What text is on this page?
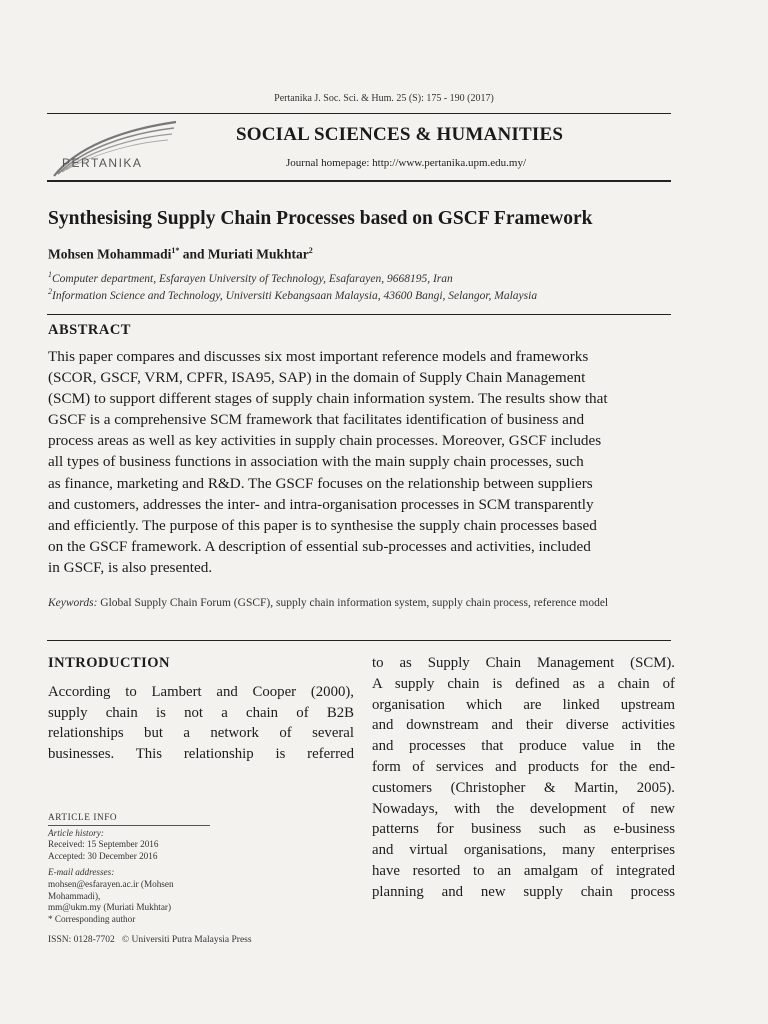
Pertanika J. Soc. Sci. & Hum. 25 (S): 175 - 190 (2017)
PERTANIKA
SOCIAL SCIENCES & HUMANITIES
Journal homepage: http://www.pertanika.upm.edu.my/
Synthesising Supply Chain Processes based on GSCF Framework
Mohsen Mohammadi$^{1*}$ and Muriati Mukhtar$^2$
$^1$Computer department, Esfarayen University of Technology, Esafarayen, 9668195, Iran
$^2$Information Science and Technology, Universiti Kebangsaan Malaysia, 43600 Bangi, Selangor, Malaysia
ABSTRACT
This paper compares and discusses six most important reference models and frameworks
(SCOR, GSCF, VRM, CPFR, ISA95, SAP) in the domain of Supply Chain Management
(SCM) to support different stages of supply chain information system. The results show that
GSCF is a comprehensive SCM framework that facilitates identification of business and
process areas as well as key activities in supply chain processes. Moreover, GSCF includes
all types of business functions in association with the main supply chain processes, such
as finance, marketing and R&D. The GSCF focuses on the relationship between suppliers
and customers, addresses the inter- and intra-organisation processes in SCM transparently
and efficiently. The purpose of this paper is to synthesise the supply chain processes based
on the GSCF framework. A description of essential sub-processes and activities, included
in GSCF, is also presented.
Keywords: Global Supply Chain Forum (GSCF), supply chain information system, supply chain process, reference model
INTRODUCTION
According to Lambert and Cooper (2000),
supply chain is not a chain of B2B
relationships but a network of several
businesses. This relationship is referred
to as Supply Chain Management (SCM).
A supply chain is defined as a chain of
organisation which are linked upstream
and downstream and their diverse activities
and processes that produce value in the
form of services and products for the end-
customers (Christopher & Martin, 2005).
Nowadays, with the development of new
patterns for business such as e-business
and virtual organisations, many enterprises
have resorted to an amalgam of integrated
planning and new supply chain process
ARTICLE INFO
Article history:
Received: 15 September 2016
Accepted: 30 December 2016
E-mail addresses:
mohsen@esfarayen.ac.ir (Mohsen Mohammadi),
mm@ukm.my (Muriati Mukhtar)
* Corresponding author
ISSN: 0128-7702 © Universiti Putra Malaysia Press
